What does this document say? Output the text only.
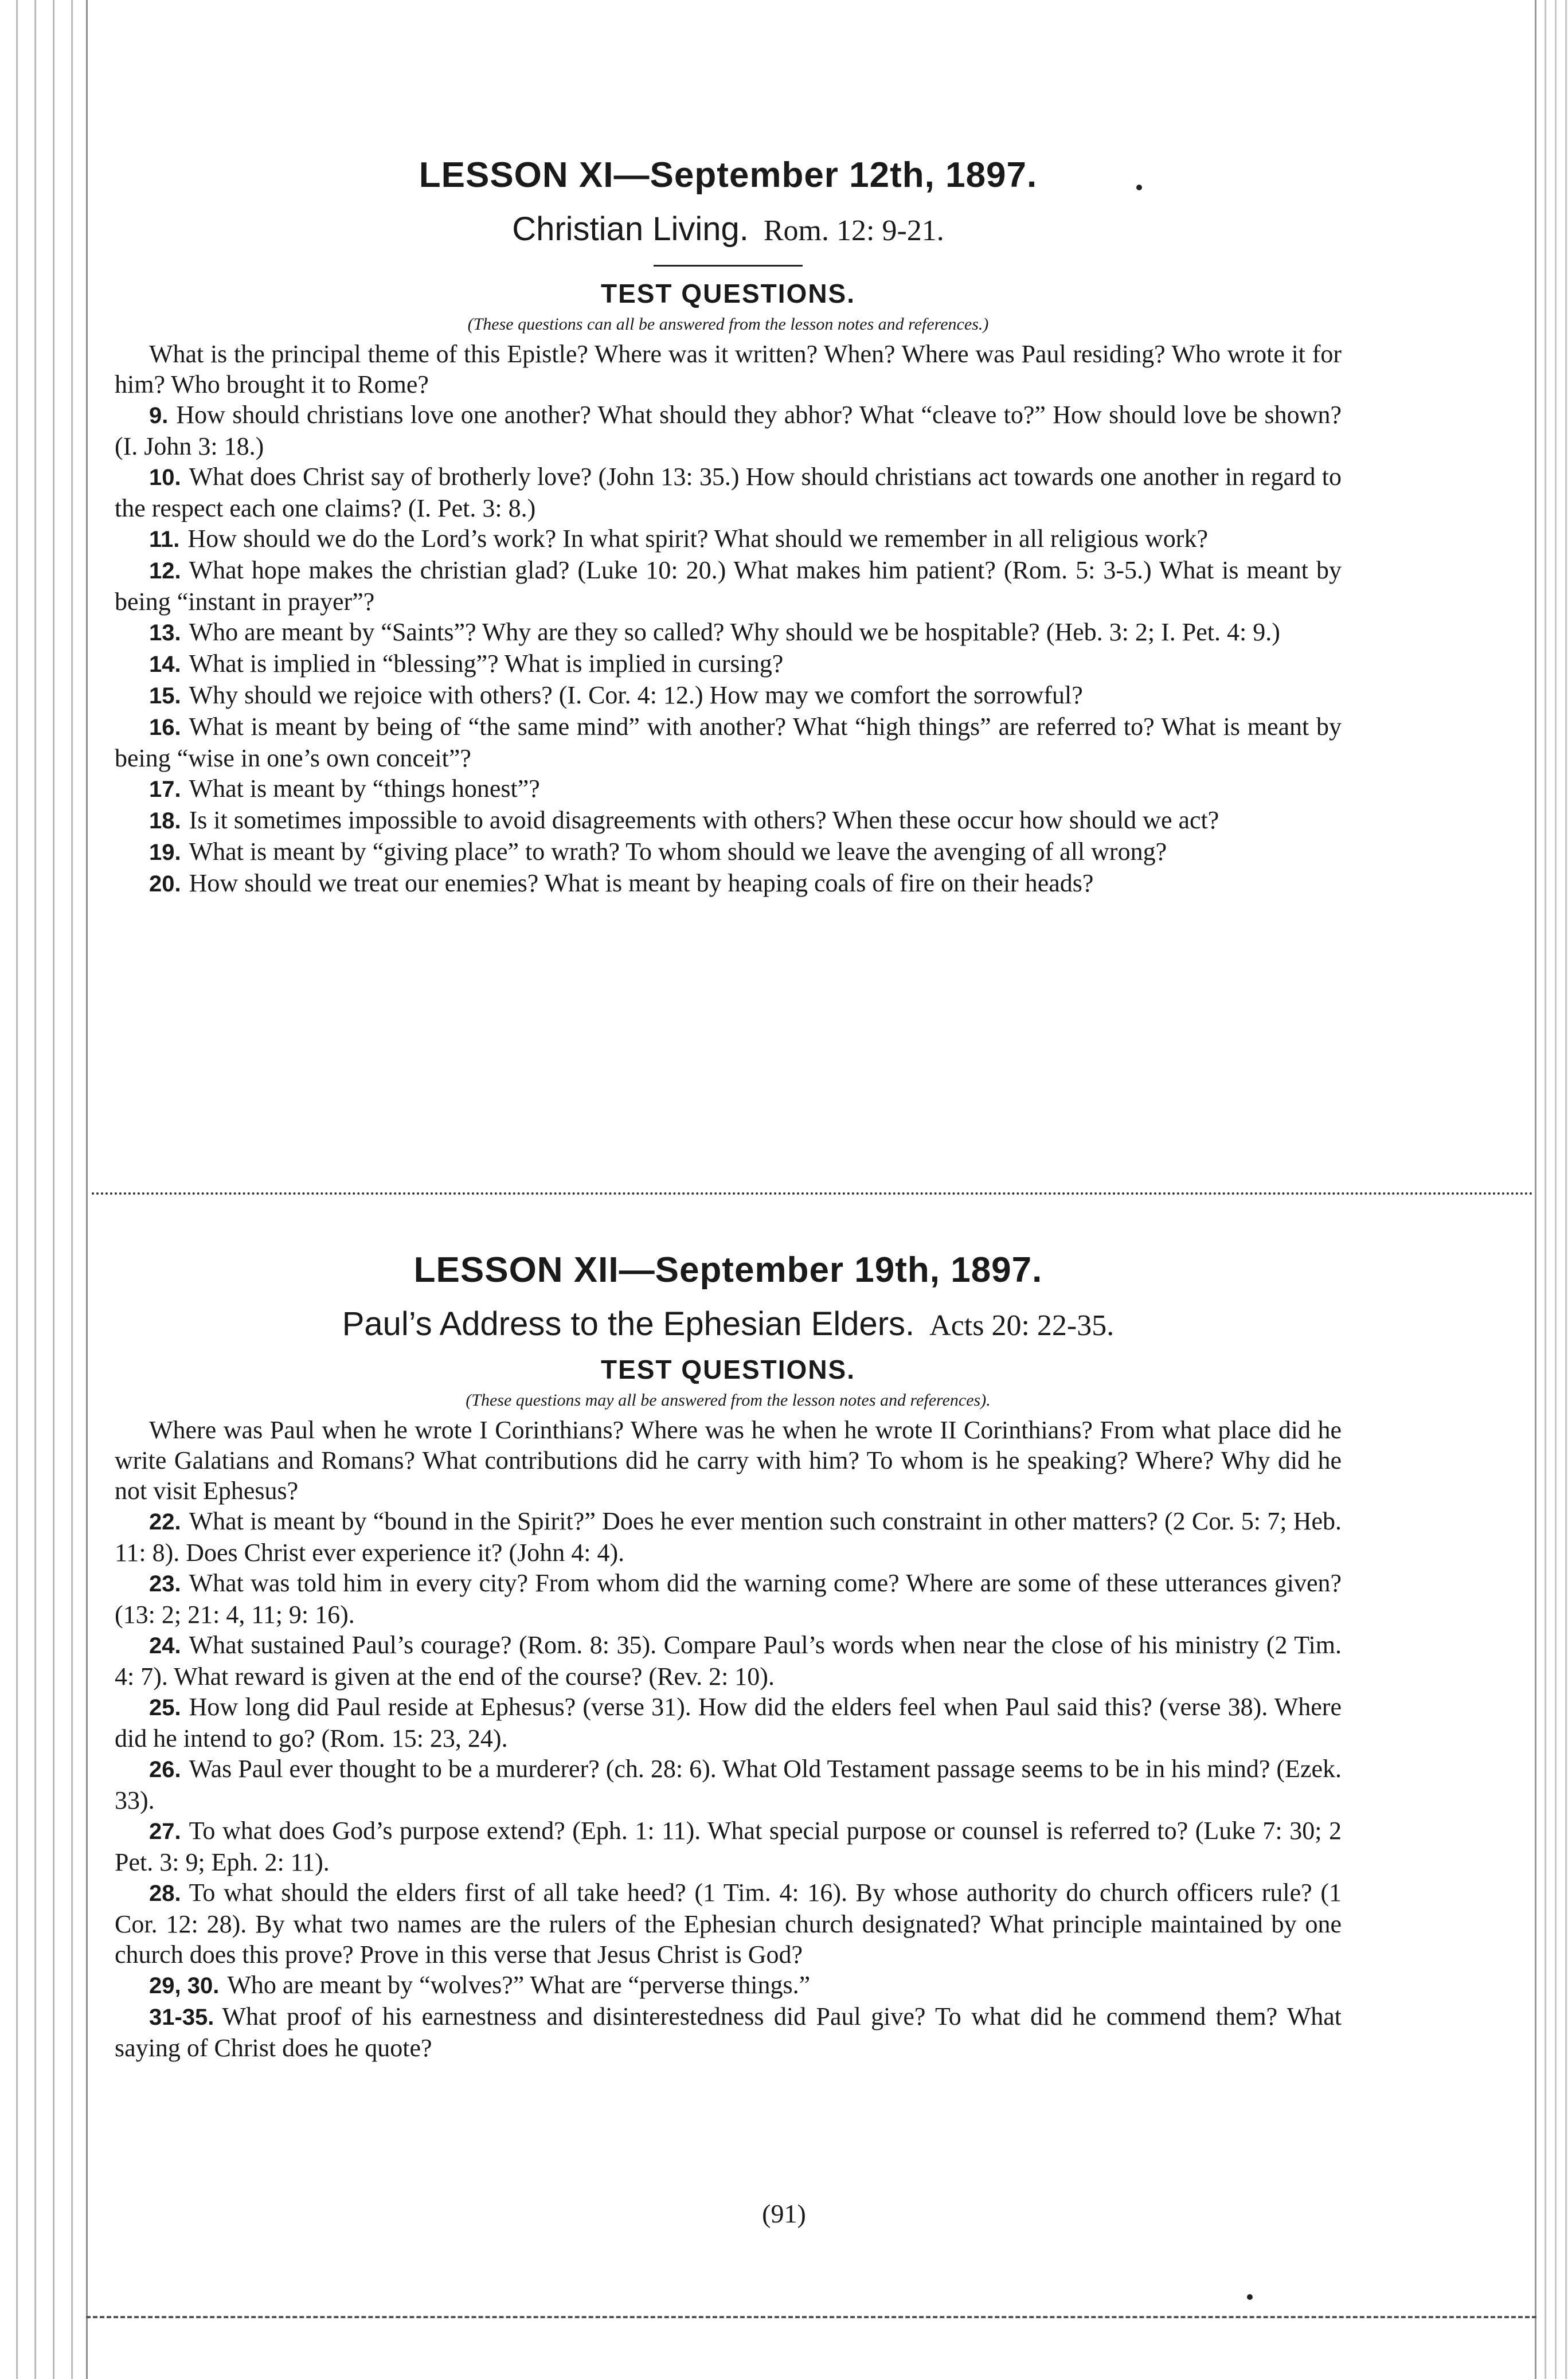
LESSON XI—September 12th, 1897.

Christian Living. Rom. 12: 9-21.

TEST QUESTIONS.

(These questions can all be answered from the lesson notes and references.)

What is the principal theme of this Epistle? Where was it written? When? Where was Paul residing? Who wrote it for him? Who brought it to Rome?

9. How should christians love one another? What should they abhor? What “cleave to?” How should love be shown? (I. John 3: 18.)

10. What does Christ say of brotherly love? (John 13: 35.) How should christians act towards one another in regard to the respect each one claims? (I. Pet. 3: 8.)

11. How should we do the Lord’s work? In what spirit? What should we remember in all religious work?

12. What hope makes the christian glad? (Luke 10: 20.) What makes him patient? (Rom. 5: 3-5.) What is meant by being “instant in prayer”?

13. Who are meant by “Saints”? Why are they so called? Why should we be hospitable? (Heb. 3: 2; I. Pet. 4: 9.)

14. What is implied in “blessing”? What is implied in cursing?

15. Why should we rejoice with others? (I. Cor. 4: 12.) How may we comfort the sorrowful?

16. What is meant by being of “the same mind” with another? What “high things” are referred to? What is meant by being “wise in one’s own conceit”?

17. What is meant by “things honest”?

18. Is it sometimes impossible to avoid disagreements with others? When these occur how should we act?

19. What is meant by “giving place” to wrath? To whom should we leave the avenging of all wrong?

20. How should we treat our enemies? What is meant by heaping coals of fire on their heads?

LESSON XII—September 19th, 1897.

Paul’s Address to the Ephesian Elders. Acts 20: 22-35.

TEST QUESTIONS.

(These questions may all be answered from the lesson notes and references).

Where was Paul when he wrote I Corinthians? Where was he when he wrote II Corinthians? From what place did he write Galatians and Romans? What contributions did he carry with him? To whom is he speaking? Where? Why did he not visit Ephesus?

22. What is meant by “bound in the Spirit?” Does he ever mention such constraint in other matters? (2 Cor. 5: 7; Heb. 11: 8). Does Christ ever experience it? (John 4: 4).

23. What was told him in every city? From whom did the warning come? Where are some of these utterances given? (13: 2; 21: 4, 11; 9: 16).

24. What sustained Paul’s courage? (Rom. 8: 35). Compare Paul’s words when near the close of his ministry (2 Tim. 4: 7). What reward is given at the end of the course? (Rev. 2: 10).

25. How long did Paul reside at Ephesus? (verse 31). How did the elders feel when Paul said this? (verse 38). Where did he intend to go? (Rom. 15: 23, 24).

26. Was Paul ever thought to be a murderer? (ch. 28: 6). What Old Testament passage seems to be in his mind? (Ezek. 33).

27. To what does God’s purpose extend? (Eph. 1: 11). What special purpose or counsel is referred to? (Luke 7: 30; 2 Pet. 3: 9; Eph. 2: 11).

28. To what should the elders first of all take heed? (1 Tim. 4: 16). By whose authority do church officers rule? (1 Cor. 12: 28). By what two names are the rulers of the Ephesian church designated? What principle maintained by one church does this prove? Prove in this verse that Jesus Christ is God?

29, 30. Who are meant by “wolves?” What are “perverse things.”

31-35. What proof of his earnestness and disinterestedness did Paul give? To what did he commend them? What saying of Christ does he quote?

(91)
